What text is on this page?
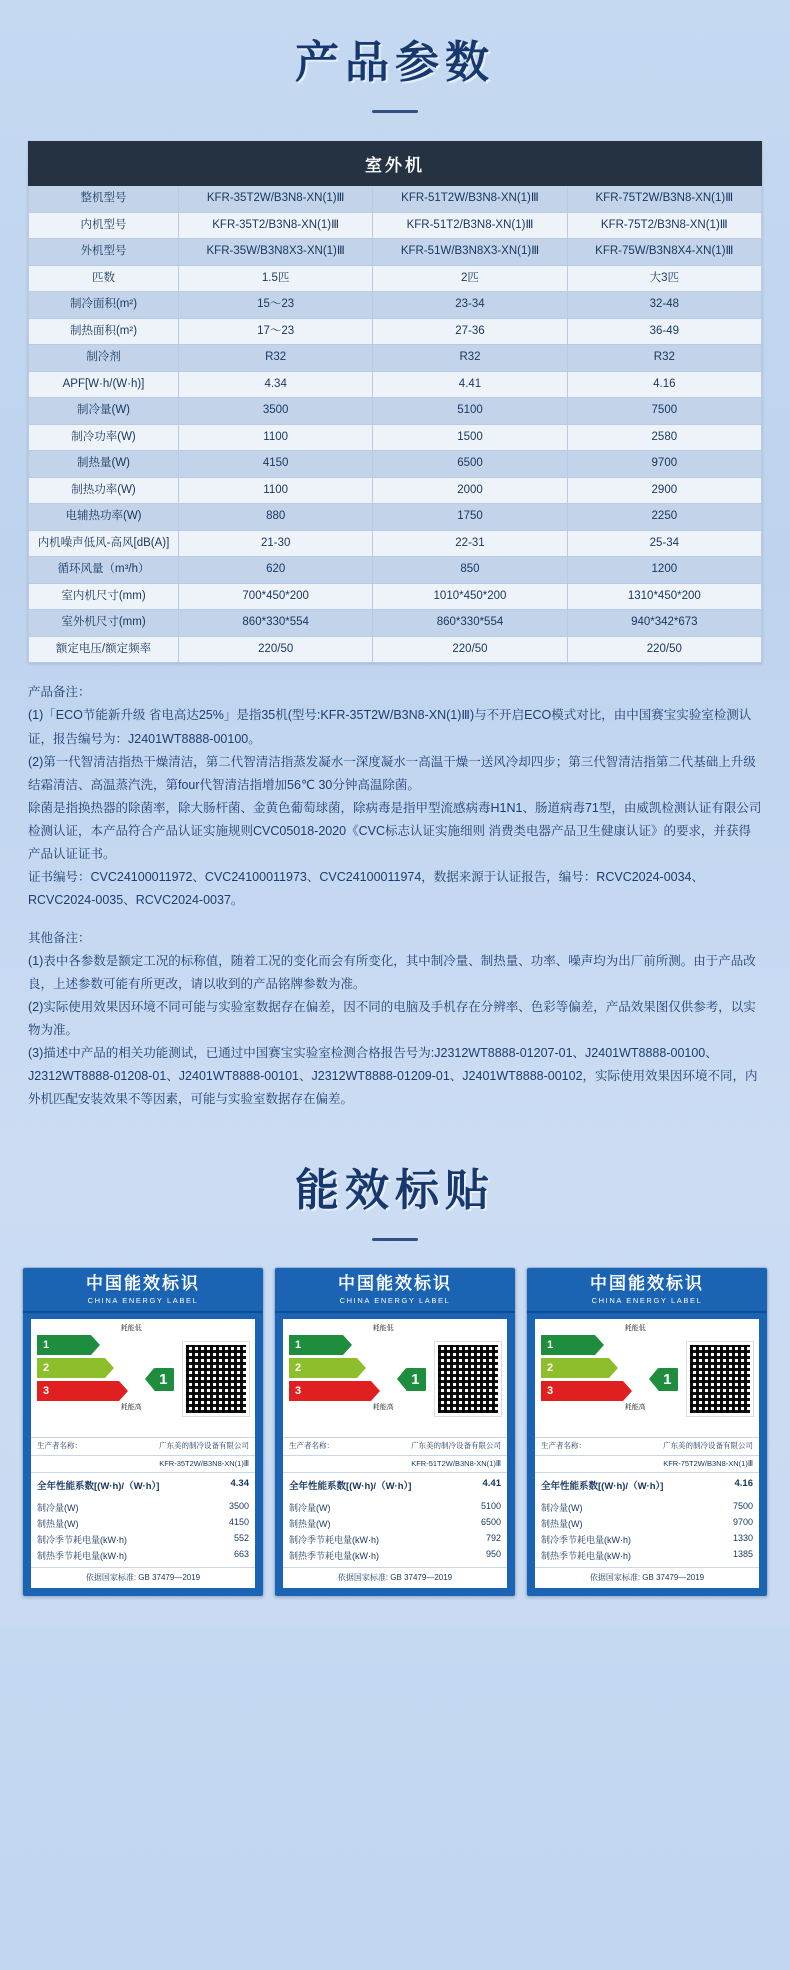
产品参数
室外机			
整机型号	KFR-35T2W/B3N8-XN(1)Ⅲ	KFR-51T2W/B3N8-XN(1)Ⅲ	KFR-75T2W/B3N8-XN(1)Ⅲ
内机型号	KFR-35T2/B3N8-XN(1)Ⅲ	KFR-51T2/B3N8-XN(1)Ⅲ	KFR-75T2/B3N8-XN(1)Ⅲ
外机型号	KFR-35W/B3N8X3-XN(1)Ⅲ	KFR-51W/B3N8X3-XN(1)Ⅲ	KFR-75W/B3N8X4-XN(1)Ⅲ
匹数	1.5匹	2匹	大3匹
制冷面积(m²)	15～23	23-34	32-48
制热面积(m²)	17～23	27-36	36-49
制冷剂	R32	R32	R32
APF[W·h/(W·h)]	4.34	4.41	4.16
制冷量(W)	3500	5100	7500
制冷功率(W)	1100	1500	2580
制热量(W)	4150	6500	9700
制热功率(W)	1100	2000	2900
电辅热功率(W)	880	1750	2250
内机噪声低风-高风[dB(A)]	21-30	22-31	25-34
循环风量（m³/h）	620	850	1200
室内机尺寸(mm)	700*450*200	1010*450*200	1310*450*200
室外机尺寸(mm)	860*330*554	860*330*554	940*342*673
额定电压/额定频率	220/50	220/50	220/50

产品备注：

(1)「ECO节能新升级 省电高达25%」是指35机(型号:KFR-35T2W/B3N8-XN(1)Ⅲ)与不开启ECO模式对比，由中国赛宝实验室检测认证，报告编号为：J2401WT8888-00100。

(2)第一代智清洁指热干燥清洁，第二代智清洁指蒸发凝水一深度凝水一高温干燥一送风冷却四步；第三代智清洁指第二代基础上升级结霜清洁、高温蒸汽洗，第four代智清洁指增加56℃ 30分钟高温除菌。

除菌是指换热器的除菌率，除大肠杆菌、金黄色葡萄球菌，除病毒是指甲型流感病毒H1N1、肠道病毒71型，由威凯检测认证有限公司检测认证，本产品符合产品认证实施规则CVC05018-2020《CVC标志认证实施细则 消费类电器产品卫生健康认证》的要求，并获得产品认证证书。

证书编号：CVC24100011972、CVC24100011973、CVC24100011974，数据来源于认证报告，编号：RCVC2024-0034、RCVC2024-0035、RCVC2024-0037。

其他备注：

(1)表中各参数是额定工况的标称值，随着工况的变化而会有所变化，其中制冷量、制热量、功率、噪声均为出厂前所测。由于产品改良，上述参数可能有所更改，请以收到的产品铭牌参数为准。

(2)实际使用效果因环境不同可能与实验室数据存在偏差，因不同的电脑及手机存在分辨率、色彩等偏差，产品效果图仅供参考，以实物为准。

(3)描述中产品的相关功能测试，已通过中国赛宝实验室检测合格报告号为:J2312WT8888-01207-01、J2401WT8888-00100、J2312WT8888-01208-01、J2401WT8888-00101、J2312WT8888-01209-01、J2401WT8888-00102，实际使用效果因环境不同，内外机匹配安装效果不等因素，可能与实验室数据存在偏差。

能效标贴
中国能效标识
CHINA ENERGY LABEL
耗能低
1
2
3
耗能高
1
生产者名称：	广东美的制冷设备有限公司
KFR-35T2W/B3N8-XN(1)Ⅲ
全年性能系数[(W·h)/（W·h）]	4.34
制冷量(W)	3500
制热量(W)	4150
制冷季节耗电量(kW·h)	552
制热季节耗电量(kW·h)	663
依据国家标准: GB 37479—2019
中国能效标识
CHINA ENERGY LABEL
耗能低
1
2
3
耗能高
1
生产者名称：	广东美的制冷设备有限公司
KFR-51T2W/B3N8-XN(1)Ⅲ
全年性能系数[(W·h)/（W·h）]	4.41
制冷量(W)	5100
制热量(W)	6500
制冷季节耗电量(kW·h)	792
制热季节耗电量(kW·h)	950
依据国家标准: GB 37479—2019
中国能效标识
CHINA ENERGY LABEL
耗能低
1
2
3
耗能高
1
生产者名称：	广东美的制冷设备有限公司
KFR-75T2W/B3N8-XN(1)Ⅲ
全年性能系数[(W·h)/（W·h）]	4.16
制冷量(W)	7500
制热量(W)	9700
制冷季节耗电量(kW·h)	1330
制热季节耗电量(kW·h)	1385
依据国家标准: GB 37479—2019
